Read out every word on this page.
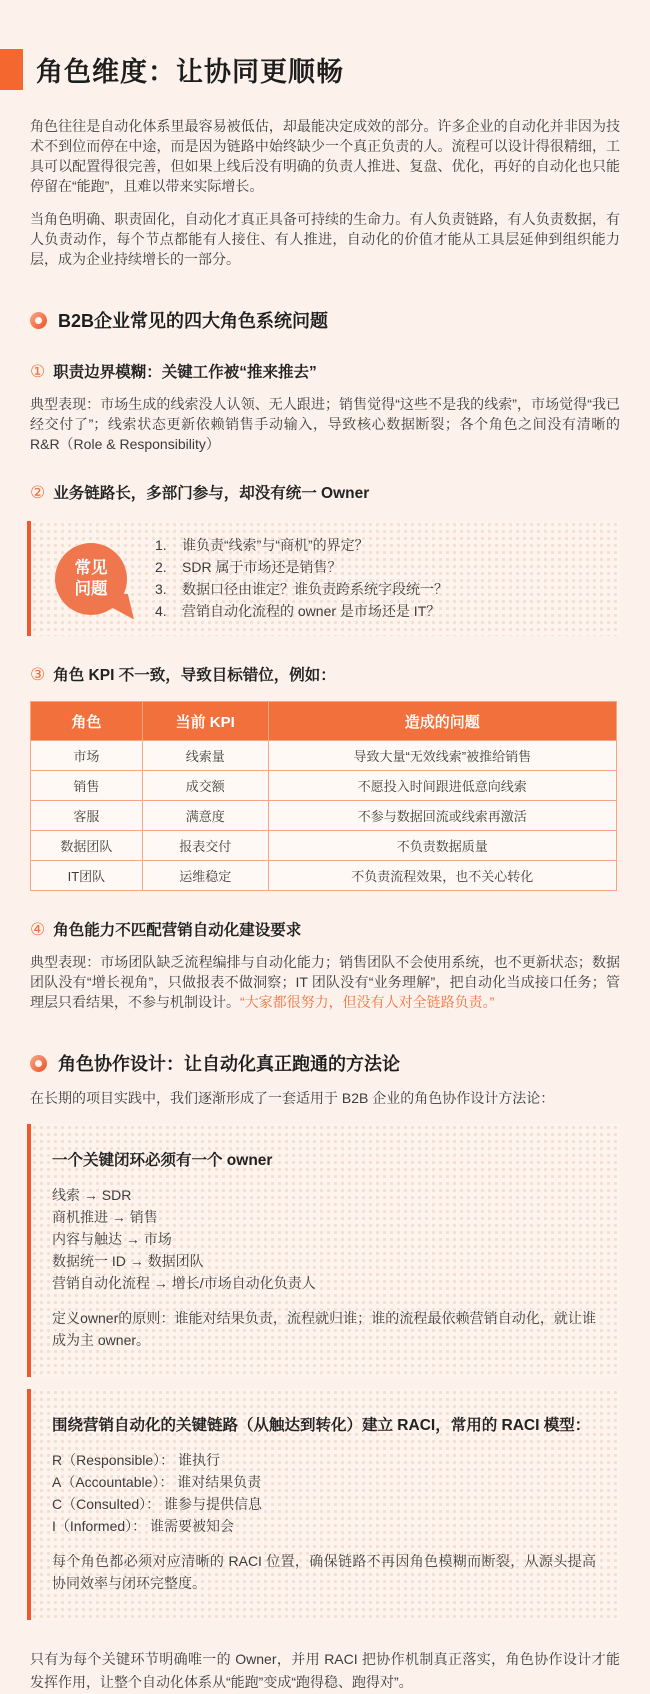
角色维度：让协同更顺畅

角色往往是自动化体系里最容易被低估，却最能决定成效的部分。许多企业的自动化并非因为技术不到位而停在中途，而是因为链路中始终缺少一个真正负责的人。流程可以设计得很精细，工具可以配置得很完善，但如果上线后没有明确的负责人推进、复盘、优化，再好的自动化也只能停留在“能跑”，且难以带来实际增长。

当角色明确、职责固化，自动化才真正具备可持续的生命力。有人负责链路，有人负责数据，有人负责动作，每个节点都能有人接住、有人推进，自动化的价值才能从工具层延伸到组织能力层，成为企业持续增长的一部分。

B2B企业常见的四大角色系统问题
① 职责边界模糊：关键工作被“推来推去”

典型表现：市场生成的线索没人认领、无人跟进；销售觉得“这些不是我的线索”，市场觉得“我已经交付了”；线索状态更新依赖销售手动输入，导致核心数据断裂；各个角色之间没有清晰的 R&R（Role & Responsibility）

② 业务链路长，多部门参与，却没有统一 Owner
常见
问题
1.	谁负责“线索”与“商机”的界定？
2.	SDR 属于市场还是销售？
3.	数据口径由谁定？谁负责跨系统字段统一？
4.	营销自动化流程的 owner 是市场还是 IT？
③ 角色 KPI 不一致，导致目标错位，例如：
角色	当前 KPI	造成的问题
市场	线索量	导致大量“无效线索”被推给销售
销售	成交额	不愿投入时间跟进低意向线索
客服	满意度	不参与数据回流或线索再激活
数据团队	报表交付	不负责数据质量
IT团队	运维稳定	不负责流程效果，也不关心转化
④ 角色能力不匹配营销自动化建设要求

典型表现：市场团队缺乏流程编排与自动化能力；销售团队不会使用系统，也不更新状态；数据团队没有“增长视角”，只做报表不做洞察；IT 团队没有“业务理解”，把自动化当成接口任务；管理层只看结果，不参与机制设计。“大家都很努力，但没有人对全链路负责。”

角色协作设计：让自动化真正跑通的方法论

在长期的项目实践中，我们逐渐形成了一套适用于 B2B 企业的角色协作设计方法论：

一个关键闭环必须有一个 owner
线索 → SDR
商机推进 → 销售
内容与触达 → 市场
数据统一 ID → 数据团队
营销自动化流程 → 增长/市场自动化负责人
定义owner的原则：谁能对结果负责，流程就归谁；谁的流程最依赖营销自动化，就让谁成为主 owner。
围绕营销自动化的关键链路（从触达到转化）建立 RACI，常用的 RACI 模型：
R（Responsible）： 谁执行
A（Accountable）： 谁对结果负责
C（Consulted）： 谁参与提供信息
I（Informed）： 谁需要被知会
每个角色都必须对应清晰的 RACI 位置，确保链路不再因角色模糊而断裂，从源头提高协同效率与闭环完整度。

只有为每个关键环节明确唯一的 Owner，并用 RACI 把协作机制真正落实，角色协作设计才能发挥作用，让整个自动化体系从“能跑”变成“跑得稳、跑得对”。
